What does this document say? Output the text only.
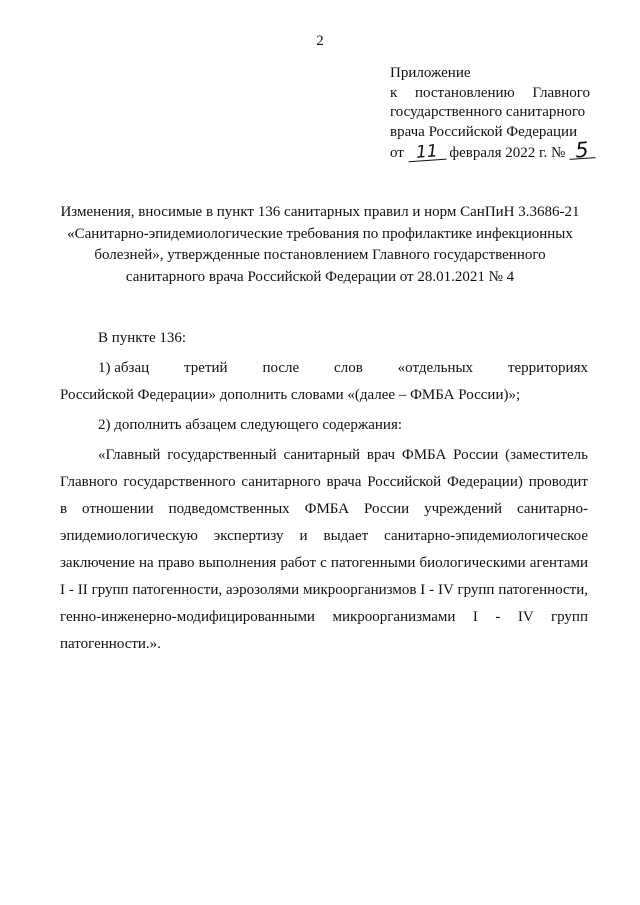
2
Приложение
к постановлению Главного
государственного санитарного
врача Российской Федерации
от 11 февраля 2022 г. № 5
Изменения, вносимые в пункт 136 санитарных правил и норм СанПиН 3.3686-21
«Санитарно-эпидемиологические требования по профилактике инфекционных
болезней», утвержденные постановлением Главного государственного
санитарного врача Российской Федерации от 28.01.2021 № 4

В пункте 136:

1) абзац третий после слов «отдельных территориях
Российской Федерации» дополнить словами «(далее – ФМБА России)»;

2) дополнить абзацем следующего содержания:

«Главный государственный санитарный врач ФМБА России (заместитель
Главного государственного санитарного врача Российской Федерации) проводит
в отношении подведомственных ФМБА России учреждений санитарно-
эпидемиологическую экспертизу и выдает санитарно-эпидемиологическое
заключение на право выполнения работ с патогенными биологическими агентами
I - II групп патогенности, аэрозолями микроорганизмов I - IV групп патогенности,
генно-инженерно-модифицированными микроорганизмами I - IV групп
патогенности.».
